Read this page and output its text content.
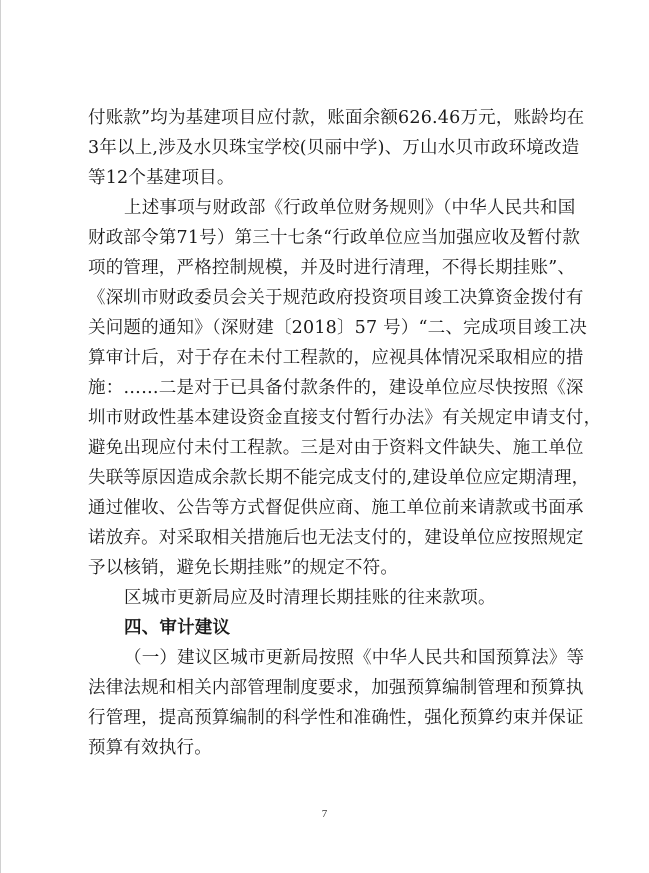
付账款”均为基建项目应付款，账面余额626.46万元，账龄均在
3年以上,涉及水贝珠宝学校(贝丽中学)、万山水贝市政环境改造
等12个基建项目。
上述事项与财政部《行政单位财务规则》（中华人民共和国
财政部令第71号）第三十七条“行政单位应当加强应收及暂付款
项的管理，严格控制规模，并及时进行清理，不得长期挂账”、
《深圳市财政委员会关于规范政府投资项目竣工决算资金拨付有
关问题的通知》（深财建〔2018〕57 号）“二、完成项目竣工决
算审计后，对于存在未付工程款的，应视具体情况采取相应的措
施：……二是对于已具备付款条件的，建设单位应尽快按照《深
圳市财政性基本建设资金直接支付暂行办法》有关规定申请支付，
避免出现应付未付工程款。三是对由于资料文件缺失、施工单位
失联等原因造成余款长期不能完成支付的,建设单位应定期清理，
通过催收、公告等方式督促供应商、施工单位前来请款或书面承
诺放弃。对采取相关措施后也无法支付的，建设单位应按照规定
予以核销，避免长期挂账”的规定不符。
区城市更新局应及时清理长期挂账的往来款项。
四、审计建议
（一）建议区城市更新局按照《中华人民共和国预算法》等
法律法规和相关内部管理制度要求，加强预算编制管理和预算执
行管理，提高预算编制的科学性和准确性，强化预算约束并保证
预算有效执行。
7
